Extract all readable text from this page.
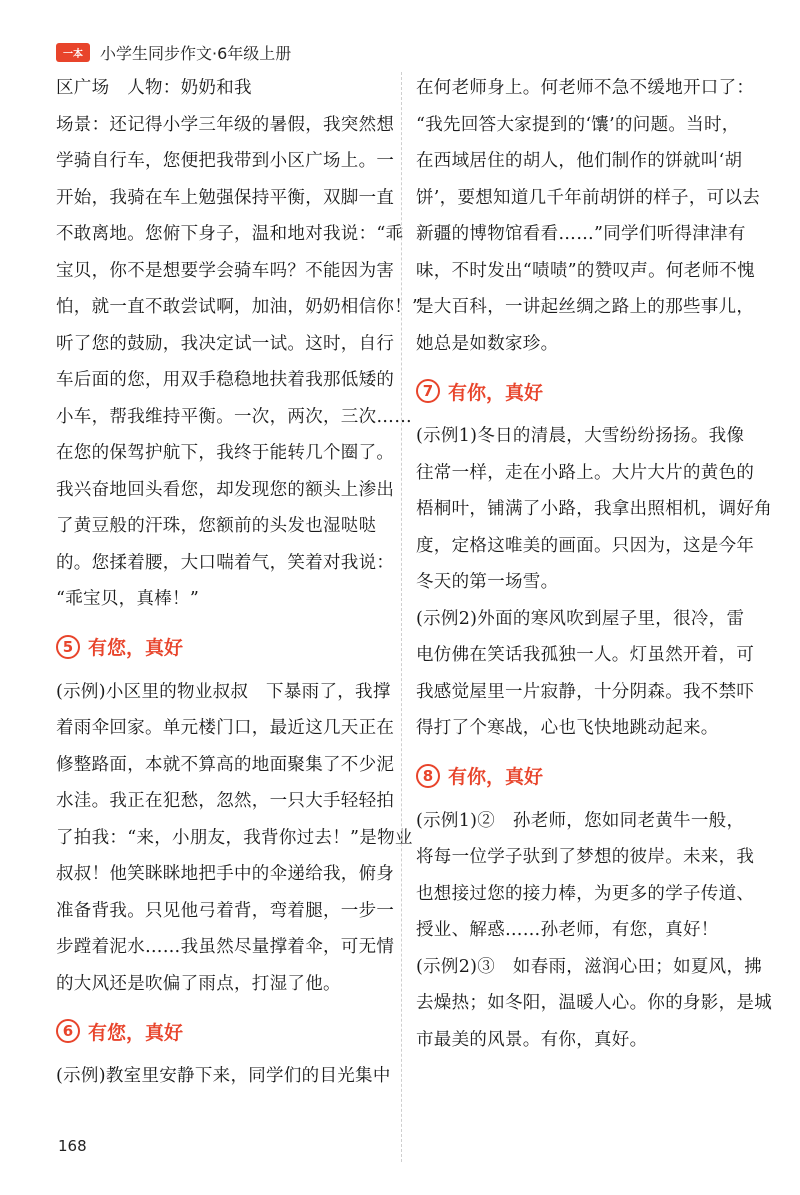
一本	小学生同步作文·6年级上册
区广场　人物：奶奶和我
场景：还记得小学三年级的暑假，我突然想
学骑自行车，您便把我带到小区广场上。一
开始，我骑在车上勉强保持平衡，双脚一直
不敢离地。您俯下身子，温和地对我说：“乖
宝贝，你不是想要学会骑车吗？不能因为害
怕，就一直不敢尝试啊，加油，奶奶相信你！”
听了您的鼓励，我决定试一试。这时，自行
车后面的您，用双手稳稳地扶着我那低矮的
小车，帮我维持平衡。一次，两次，三次……
在您的保驾护航下，我终于能转几个圈了。
我兴奋地回头看您，却发现您的额头上渗出
了黄豆般的汗珠，您额前的头发也湿哒哒
的。您揉着腰，大口喘着气，笑着对我说：
“乖宝贝，真棒！”
5 有您，真好
(示例)小区里的物业叔叔　下暴雨了，我撑
着雨伞回家。单元楼门口，最近这几天正在
修整路面，本就不算高的地面聚集了不少泥
水洼。我正在犯愁，忽然，一只大手轻轻拍
了拍我：“来，小朋友，我背你过去！”是物业
叔叔！他笑眯眯地把手中的伞递给我，俯身
准备背我。只见他弓着背，弯着腿，一步一
步蹚着泥水……我虽然尽量撑着伞，可无情
的大风还是吹偏了雨点，打湿了他。
6 有您，真好
(示例)教室里安静下来，同学们的目光集中
在何老师身上。何老师不急不缓地开口了：
“我先回答大家提到的‘馕’的问题。当时，
在西域居住的胡人，他们制作的饼就叫‘胡
饼’，要想知道几千年前胡饼的样子，可以去
新疆的博物馆看看……”同学们听得津津有
味，不时发出“啧啧”的赞叹声。何老师不愧
是大百科，一讲起丝绸之路上的那些事儿，
她总是如数家珍。
7 有你，真好
(示例1)冬日的清晨，大雪纷纷扬扬。我像
往常一样，走在小路上。大片大片的黄色的
梧桐叶，铺满了小路，我拿出照相机，调好角
度，定格这唯美的画面。只因为，这是今年
冬天的第一场雪。
(示例2)外面的寒风吹到屋子里，很冷，雷
电仿佛在笑话我孤独一人。灯虽然开着，可
我感觉屋里一片寂静，十分阴森。我不禁吓
得打了个寒战，心也飞快地跳动起来。
8 有你，真好
(示例1)②　孙老师，您如同老黄牛一般，
将每一位学子驮到了梦想的彼岸。未来，我
也想接过您的接力棒，为更多的学子传道、
授业、解惑……孙老师，有您，真好！
(示例2)③　如春雨，滋润心田；如夏风，拂
去燥热；如冬阳，温暖人心。你的身影，是城
市最美的风景。有你，真好。
168
